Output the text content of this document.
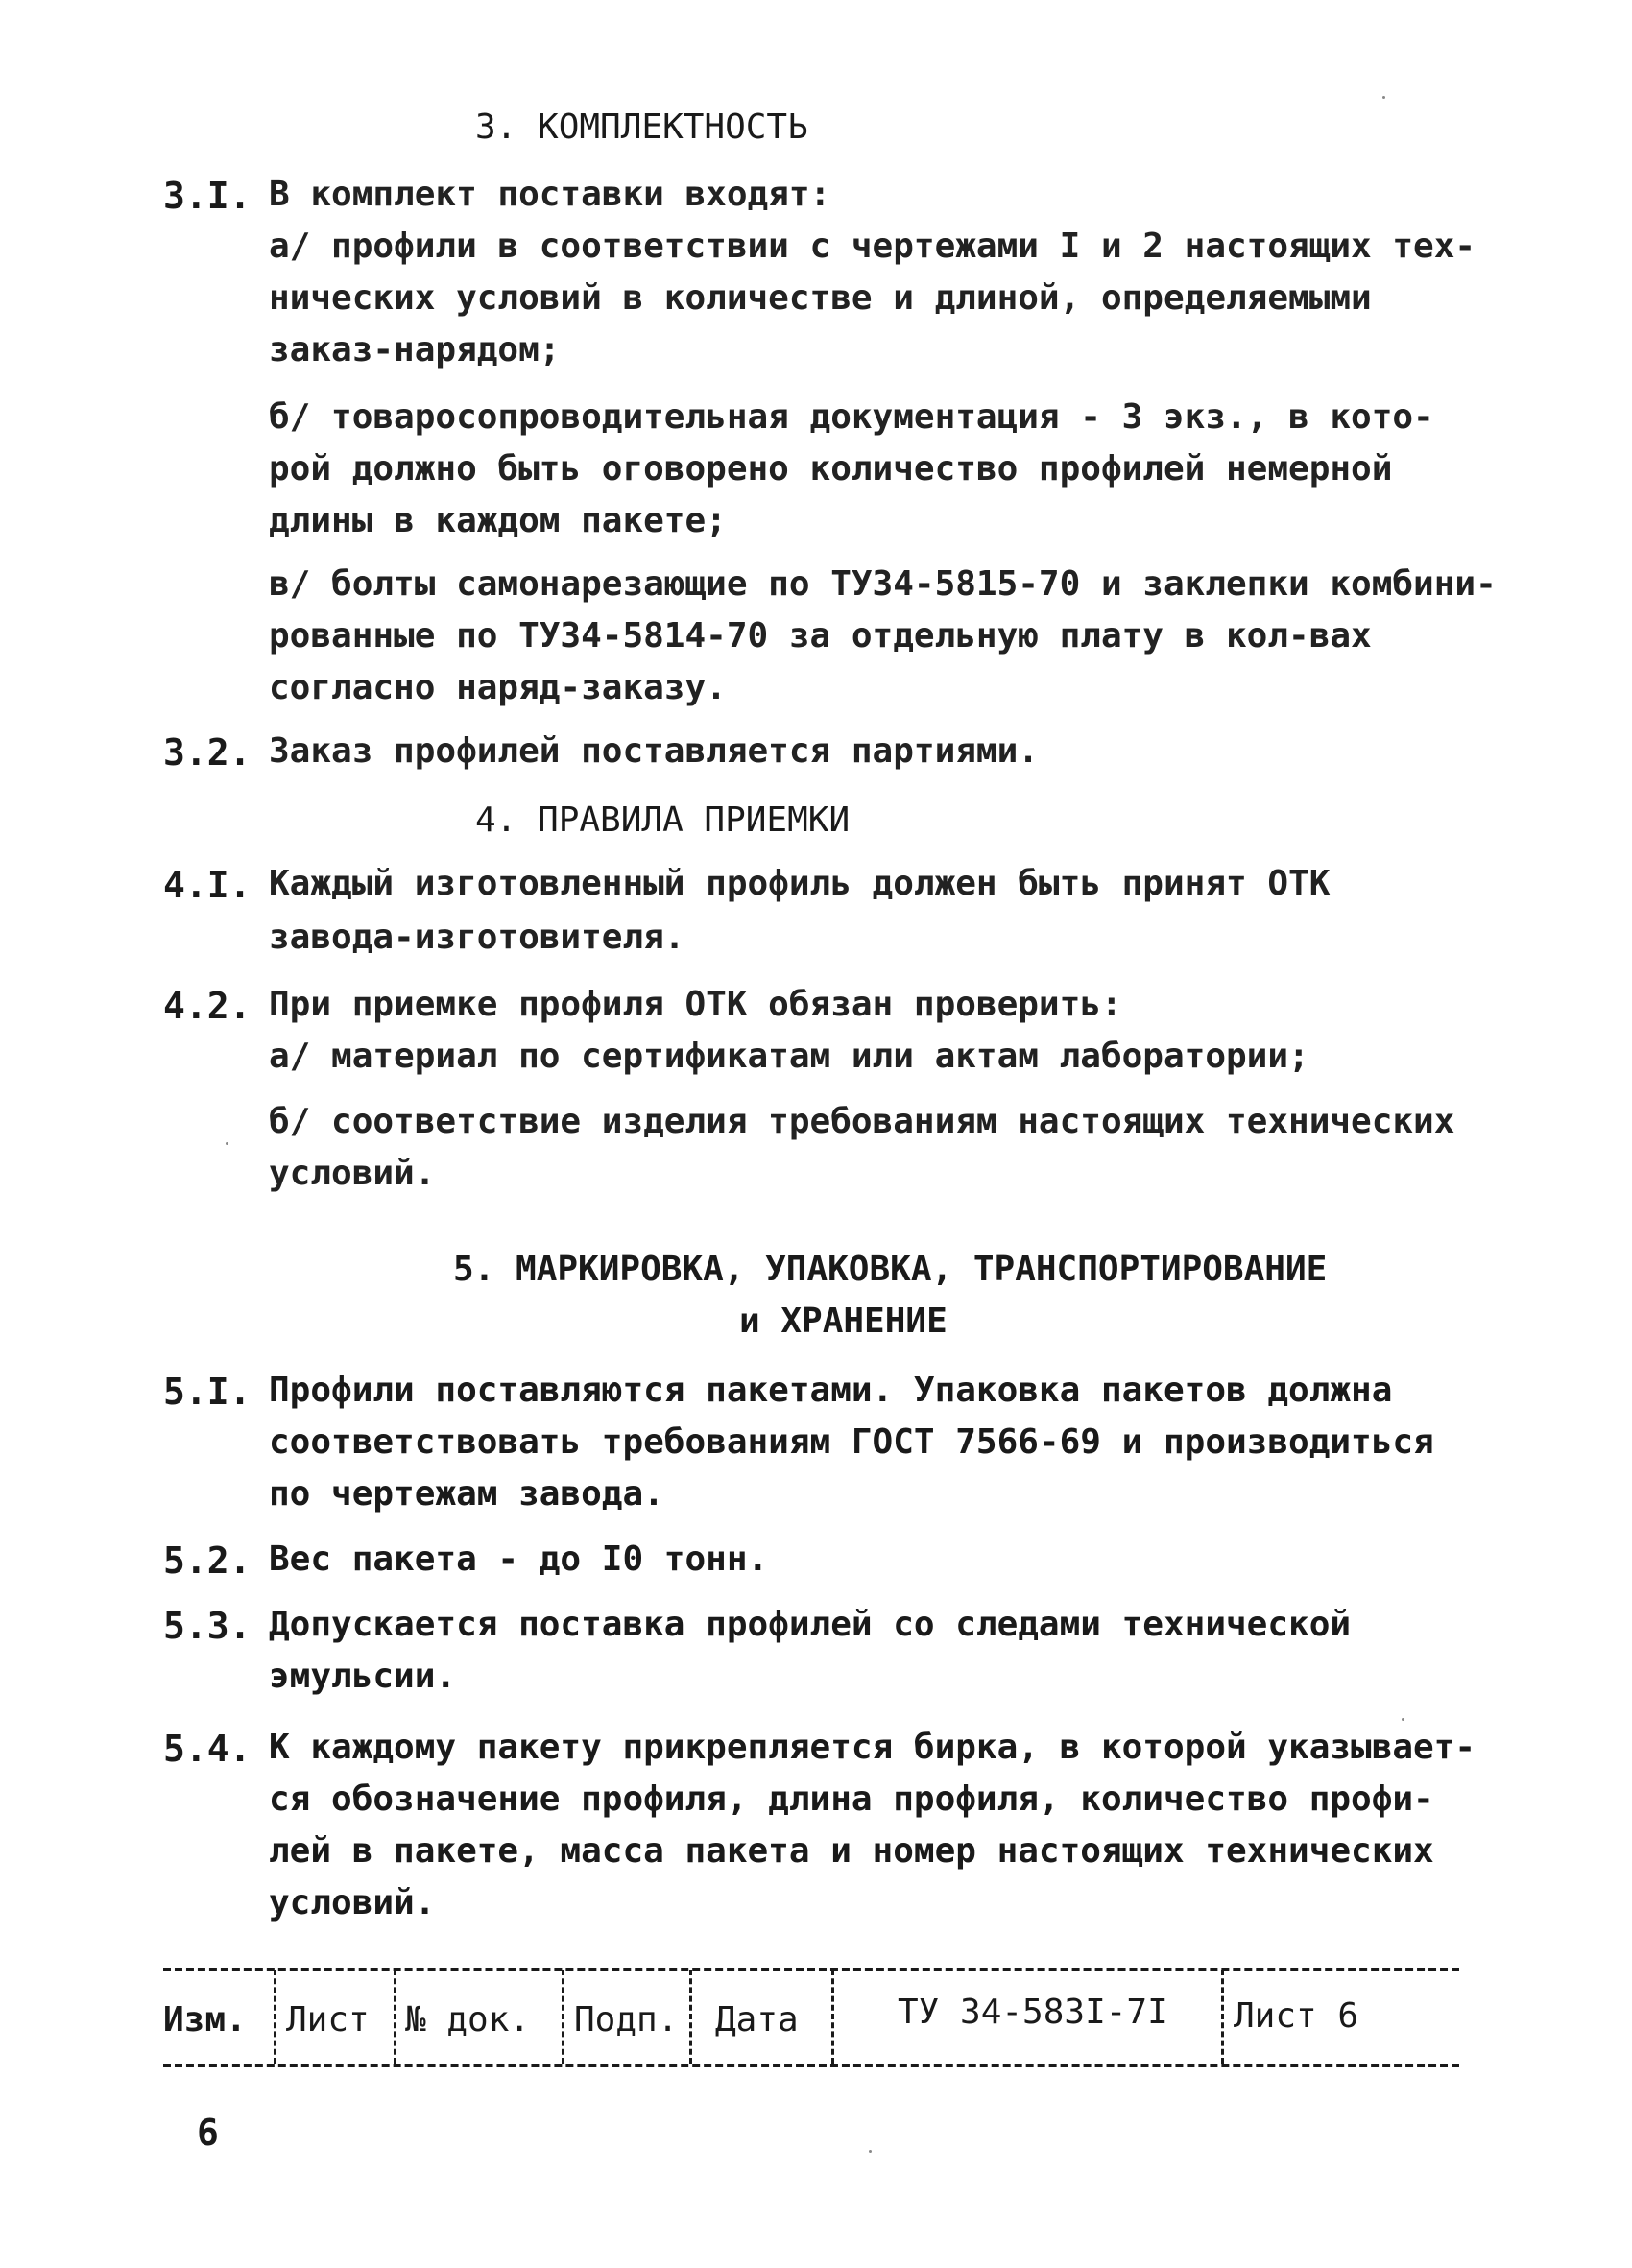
3. КОМПЛЕКТНОСТЬ
3.I. В комплект поставки входят:
а/ профили в соответствии с чертежами I и 2 настоящих тех-
нических условий в количестве и длиной, определяемыми
заказ-нарядом;
б/ товаросопроводительная документация - 3 экз., в кото-
рой должно быть оговорено количество профилей немерной
длины в каждом пакете;
в/ болты самонарезающие по ТУ34-5815-70 и заклепки комбини-
рованные по ТУ34-5814-70 за отдельную плату в кол-вах
согласно наряд-заказу.
3.2. Заказ профилей поставляется партиями.
4. ПРАВИЛА ПРИЕМКИ
4.I. Каждый изготовленный профиль должен быть принят ОТК
завода-изготовителя.
4.2. При приемке профиля ОТК обязан проверить:
а/ материал по сертификатам или актам лаборатории;
б/ соответствие изделия требованиям настоящих технических
условий.
5. МАРКИРОВКА, УПАКОВКА, ТРАНСПОРТИРОВАНИЕ
и ХРАНЕНИЕ
5.I. Профили поставляются пакетами. Упаковка пакетов должна
соответствовать требованиям ГОСТ 7566-69 и производиться
по чертежам завода.
5.2. Вес пакета - до I0 тонн.
5.3. Допускается поставка профилей со следами технической
эмульсии.
5.4. К каждому пакету прикрепляется бирка, в которой указывает-
ся обозначение профиля, длина профиля, количество профи-
лей в пакете, масса пакета и номер настоящих технических
условий.
Изм. Лист № док. Подп. Дата	ТУ 34-583I-7I Лист 6
6
